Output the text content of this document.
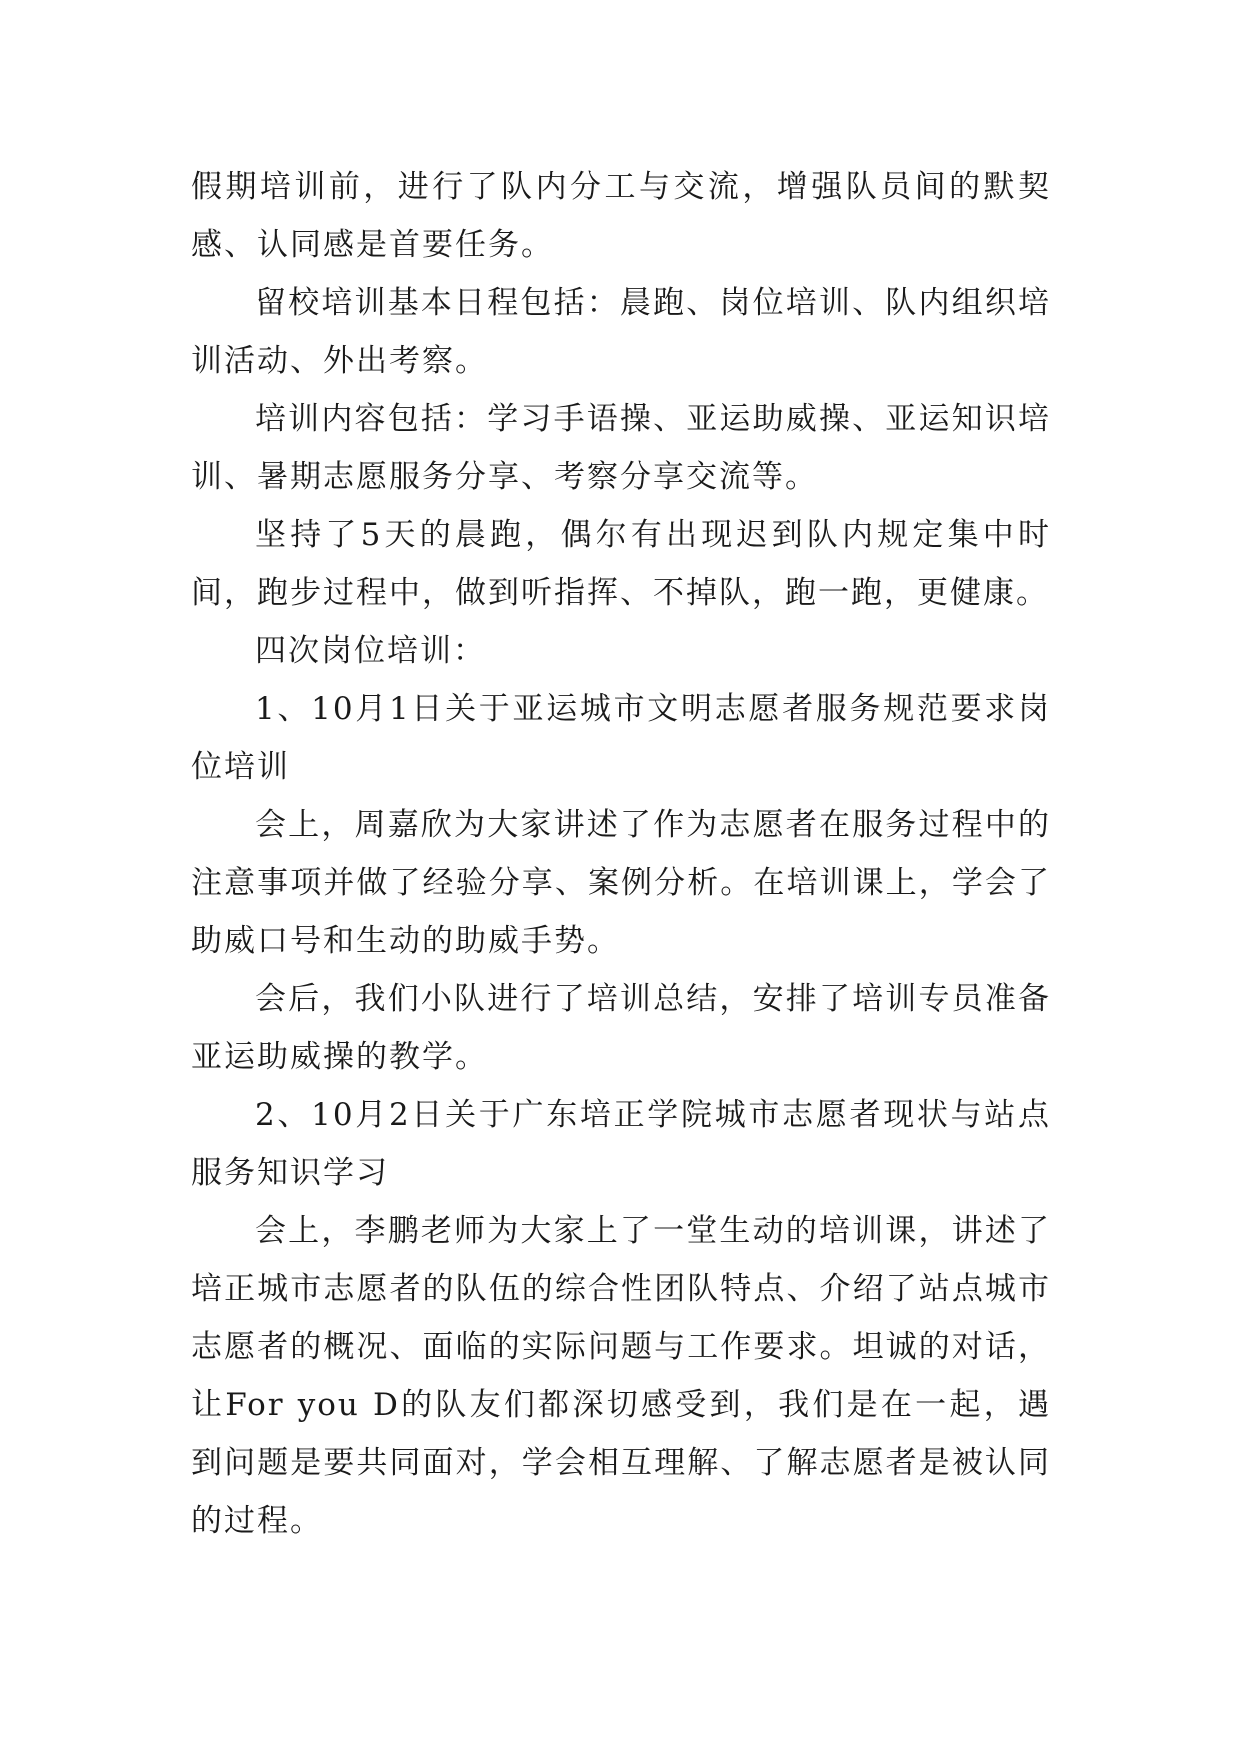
假期培训前，进行了队内分工与交流，增强队员间的默契感、认同感是首要任务。

留校培训基本日程包括：晨跑、岗位培训、队内组织培训活动、外出考察。

培训内容包括：学习手语操、亚运助威操、亚运知识培训、暑期志愿服务分享、考察分享交流等。

坚持了5天的晨跑，偶尔有出现迟到队内规定集中时间，跑步过程中，做到听指挥、不掉队，跑一跑，更健康。

四次岗位培训：

1、10月1日关于亚运城市文明志愿者服务规范要求岗位培训

会上，周嘉欣为大家讲述了作为志愿者在服务过程中的注意事项并做了经验分享、案例分析。在培训课上，学会了助威口号和生动的助威手势。

会后，我们小队进行了培训总结，安排了培训专员准备亚运助威操的教学。

2、10月2日关于广东培正学院城市志愿者现状与站点服务知识学习

会上，李鹏老师为大家上了一堂生动的培训课，讲述了培正城市志愿者的队伍的综合性团队特点、介绍了站点城市志愿者的概况、面临的实际问题与工作要求。坦诚的对话，让For you D的队友们都深切感受到，我们是在一起，遇到问题是要共同面对，学会相互理解、了解志愿者是被认同的过程。
